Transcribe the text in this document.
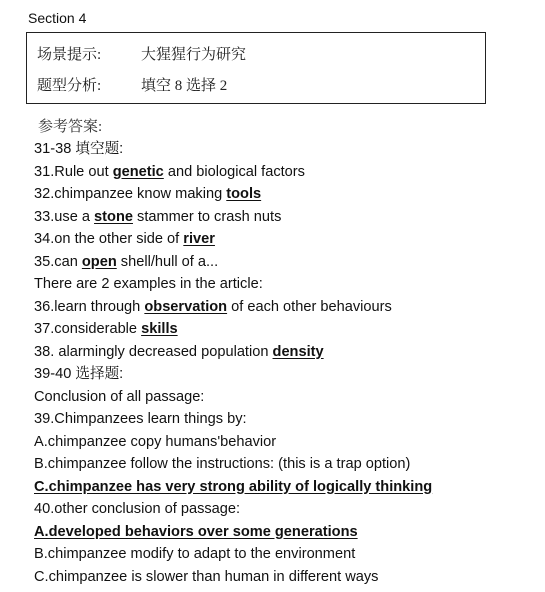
Section 4
场景提示:	大猩猩行为研究
题型分析:	填空 8 选择 2
参考答案:
31-38 填空题:
31.Rule out genetic and biological factors
32.chimpanzee know making tools
33.use a stone stammer to crash nuts
34.on the other side of river
35.can open shell/hull of a...
There are 2 examples in the article:
36.learn through observation of each other behaviours
37.considerable skills
38. alarmingly decreased population density
39-40 选择题:
Conclusion of all passage:
39.Chimpanzees learn things by:
A.chimpanzee copy humans'behavior
B.chimpanzee follow the instructions: (this is a trap option)
C.chimpanzee has very strong ability of logically thinking
40.other conclusion of passage:
A.developed behaviors over some generations
B.chimpanzee modify to adapt to the environment
C.chimpanzee is slower than human in different ways
